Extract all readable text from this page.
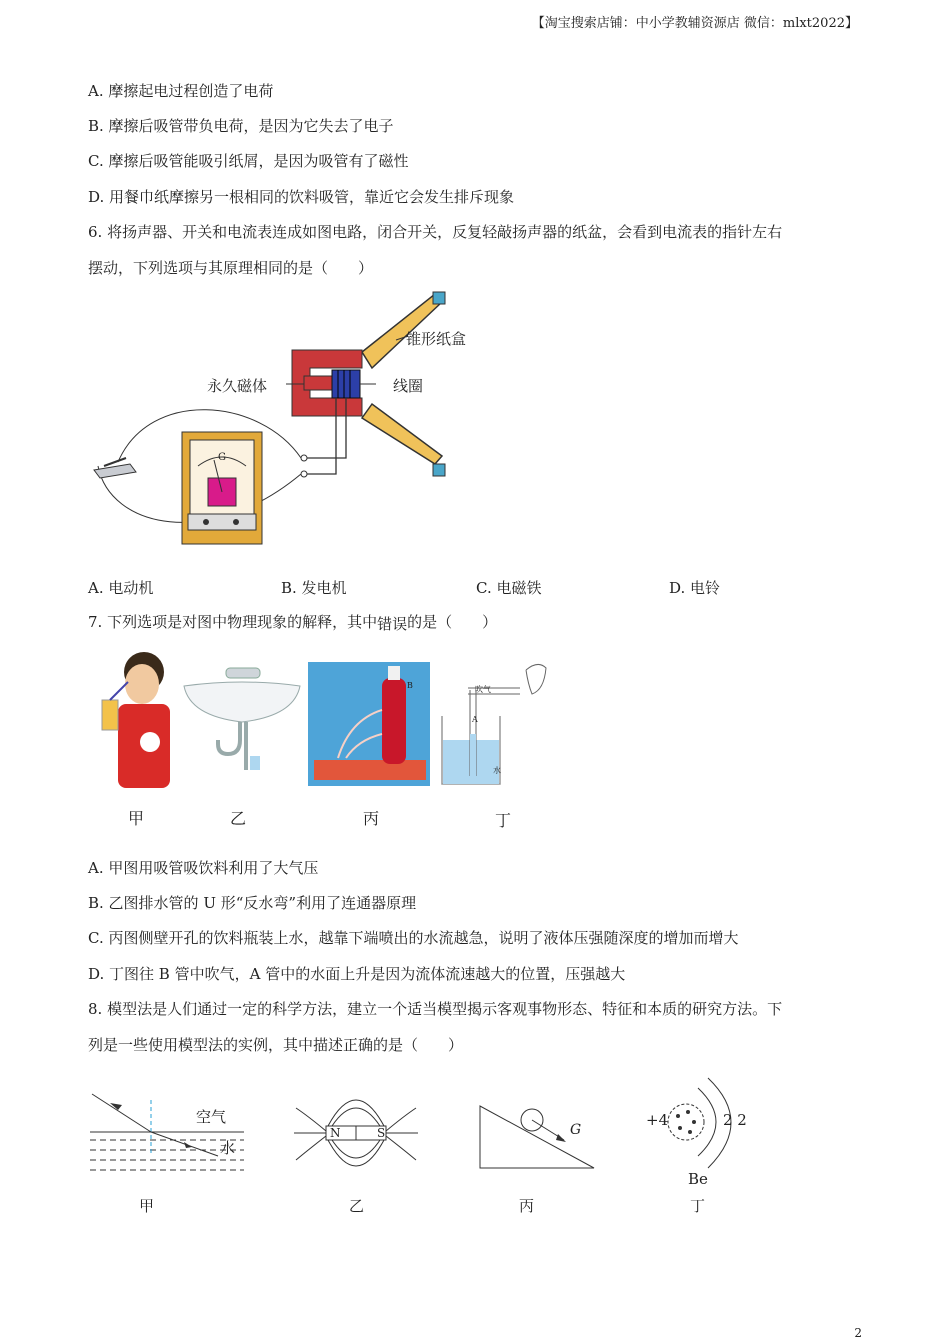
【淘宝搜索店铺：中小学教辅资源店 微信：mlxt2022】
A. 摩擦起电过程创造了电荷
B. 摩擦后吸管带负电荷，是因为它失去了电子
C. 摩擦后吸管能吸引纸屑，是因为吸管有了磁性
D. 用餐巾纸摩擦另一根相同的饮料吸管，靠近它会发生排斥现象
6. 将扬声器、开关和电流表连成如图电路，闭合开关，反复轻敲扬声器的纸盆，会看到电流表的指针左右
摆动，下列选项与其原理相同的是（　　）
锥形纸盒
永久磁体	线圈
G
A. 电动机	B. 发电机	C. 电磁铁	D. 电铃
7. 下列选项是对图中物理现象的解释，其中错误的是（　　）
B	吹气
A
水
甲	乙	丙	丁
A. 甲图用吸管吸饮料利用了大气压
B. 乙图排水管的 U 形“反水弯”利用了连通器原理
C. 丙图侧壁开孔的饮料瓶装上水，越靠下端喷出的水流越急，说明了液体压强随深度的增加而增大
D. 丁图往 B 管中吹气，A 管中的水面上升是因为流体流速越大的位置，压强越大
8. 模型法是人们通过一定的科学方法，建立一个适当模型揭示客观事物形态、特征和本质的研究方法。下
列是一些使用模型法的实例，其中描述正确的是（　　）
空气
水
N	S	G
+4	2 2
Be
甲	乙	丙	丁
2
